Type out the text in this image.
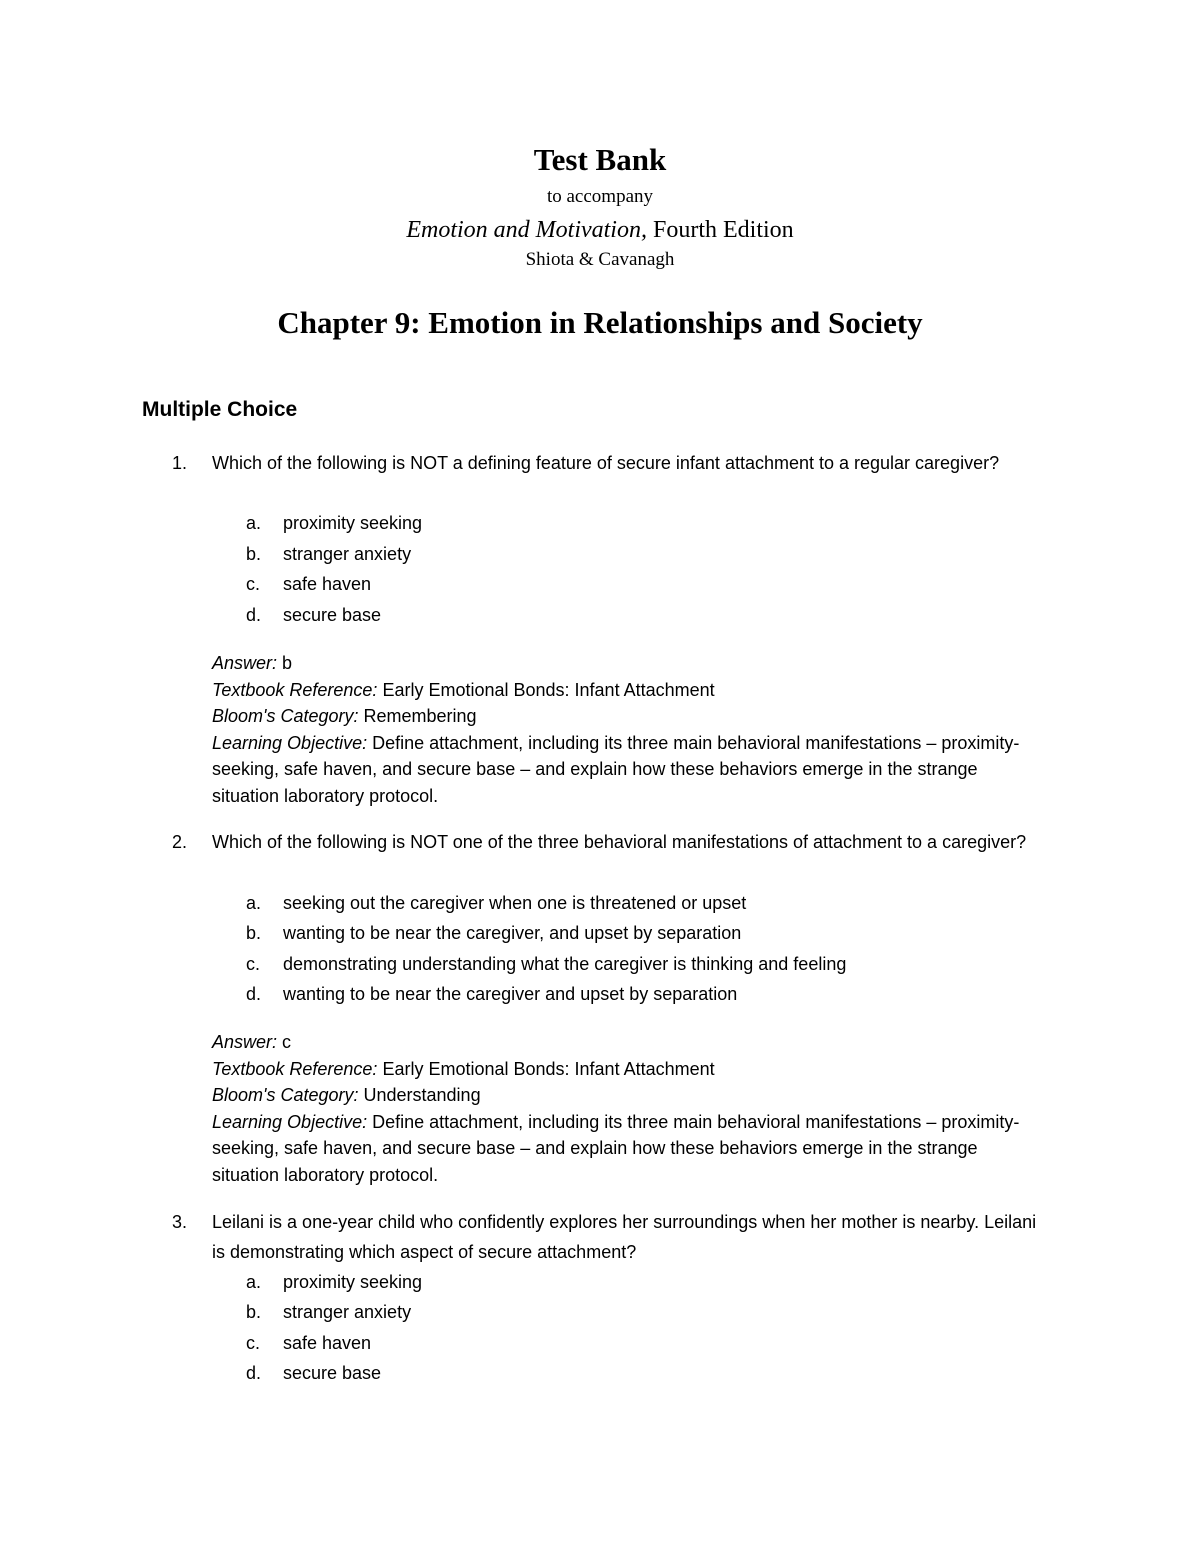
Test Bank
to accompany
Emotion and Motivation, Fourth Edition
Shiota & Cavanagh
Chapter 9: Emotion in Relationships and Society
Multiple Choice
1. Which of the following is NOT a defining feature of secure infant attachment to a regular caregiver?
a. proximity seeking
b. stranger anxiety
c. safe haven
d. secure base
Answer: b
Textbook Reference: Early Emotional Bonds: Infant Attachment
Bloom's Category: Remembering
Learning Objective: Define attachment, including its three main behavioral manifestations – proximity- seeking, safe haven, and secure base – and explain how these behaviors emerge in the strange situation laboratory protocol.
2. Which of the following is NOT one of the three behavioral manifestations of attachment to a caregiver?
a. seeking out the caregiver when one is threatened or upset
b. wanting to be near the caregiver, and upset by separation
c. demonstrating understanding what the caregiver is thinking and feeling
d. wanting to be near the caregiver and upset by separation
Answer: c
Textbook Reference: Early Emotional Bonds: Infant Attachment
Bloom's Category: Understanding
Learning Objective: Define attachment, including its three main behavioral manifestations – proximity- seeking, safe haven, and secure base – and explain how these behaviors emerge in the strange situation laboratory protocol.
3. Leilani is a one-year child who confidently explores her surroundings when her mother is nearby. Leilani is demonstrating which aspect of secure attachment?
a. proximity seeking
b. stranger anxiety
c. safe haven
d. secure base
